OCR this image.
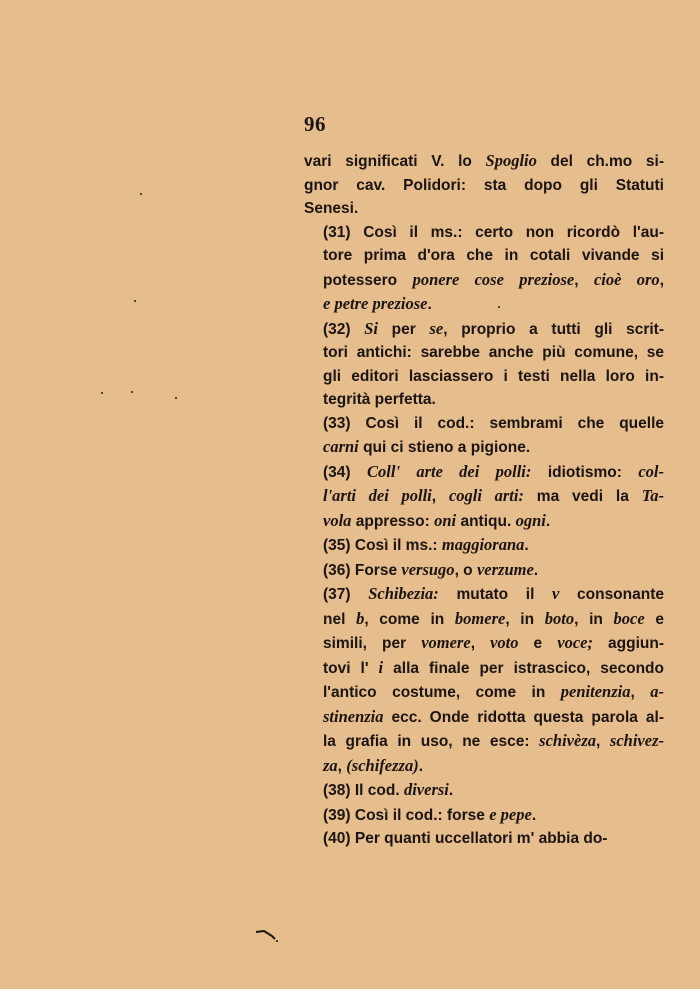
96
vari significati V. lo Spoglio del ch.mo si-
gnor cav. Polidori: sta dopo gli Statuti
Senesi.
(31) Così il ms.: certo non ricordò l'au-
tore prima d'ora che in cotali vivande si
potessero ponere cose preziose, cioè oro,
e petre preziose.
(32) Si per se, proprio a tutti gli scrit-
tori antichi: sarebbe anche più comune, se
gli editori lasciassero i testi nella loro in-
tegrità perfetta.
(33) Così il cod.: sembrami che quelle
carni qui ci stieno a pigione.
(34) Coll' arte dei polli: idiotismo: col-
l'arti dei polli, cogli arti: ma vedi la Ta-
vola appresso: oni antiqu. ogni.
(35) Così il ms.: maggiorana.
(36) Forse versugo, o verzume.
(37) Schibezia: mutato il v consonante
nel b, come in bomere, in boto, in boce e
simili, per vomere, voto e voce; aggiun-
tovi l' i alla finale per istrascico, secondo
l'antico costume, come in penitenzia, a-
stinenzia ecc. Onde ridotta questa parola al-
la grafia in uso, ne esce: schivèza, schivez-
za, (schifezza).
(38) Il cod. diversi.
(39) Così il cod.: forse e pepe.
(40) Per quanti uccellatori m' abbia do-
